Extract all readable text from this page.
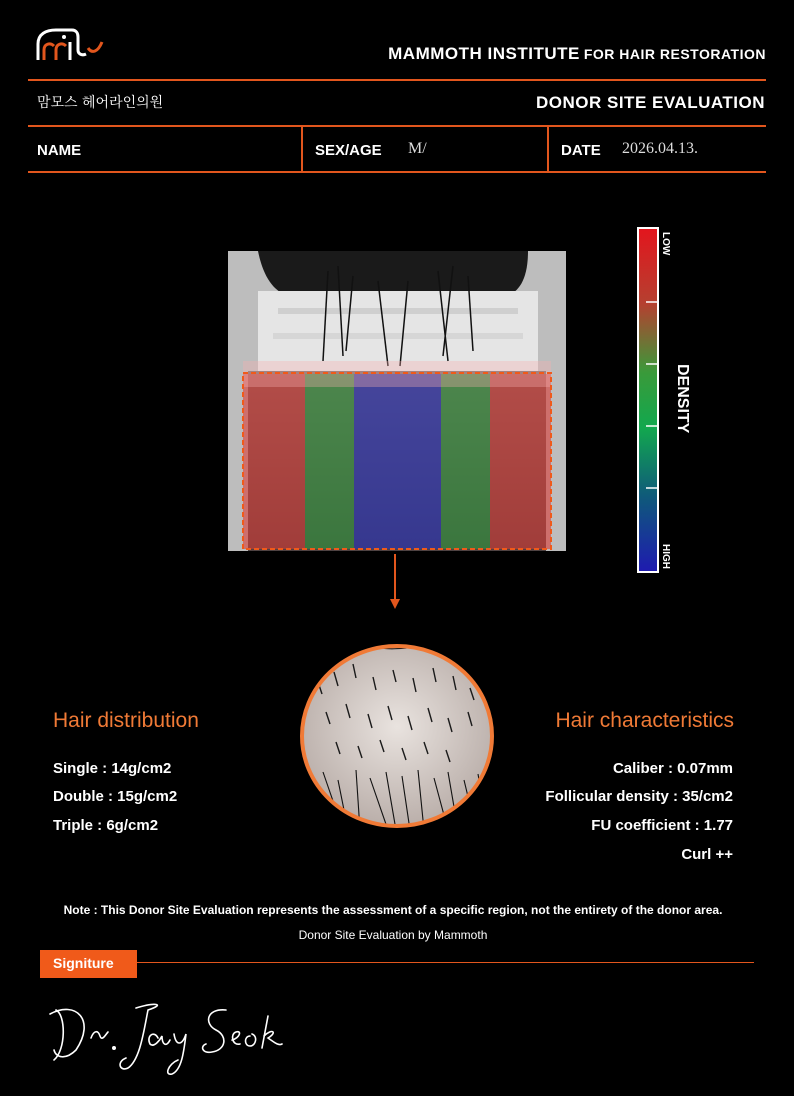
MAMMOTH INSTITUTE FOR HAIR RESTORATION
맘모스 헤어라인의원	DONOR SITE EVALUATION
NAME	SEX/AGE M/	DATE 2026.04.13.
LOW
HIGH
DENSITY
Hair distribution
Single : 14g/cm2
Double : 15g/cm2
Triple : 6g/cm2
Hair characteristics
Caliber : 0.07mm
Follicular density : 35/cm2
FU coefficient : 1.77
Curl ++
Note : This Donor Site Evaluation represents the assessment of a specific region, not the entirety of the donor area.
Donor Site Evaluation by Mammoth
Signiture
